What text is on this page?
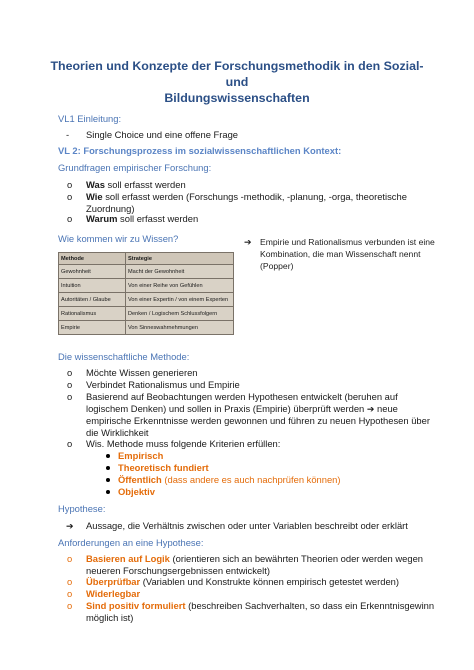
Theorien und Konzepte der Forschungsmethodik in den Sozial- und
Bildungswissenschaften
VL1 Einleitung:
- Single Choice und eine offene Frage
VL 2: Forschungsprozess im sozialwissenschaftlichen Kontext:
Grundfragen empirischer Forschung:
o Was soll erfasst werden
o Wie soll erfasst werden (Forschungs -methodik, -planung, -orga, theoretische
Zuordnung)
o Warum soll erfasst werden
Wie kommen wir zu Wissen?
Methode	Strategie
Gewohnheit	Macht der Gewohnheit
Intuition	Von einer Reihe von Gefühlen
Autoritäten / Glaube	Von einer Expertin / von einem Experten
Rationalismus	Denken / Logischem Schlussfolgern
Empirie	Von Sinneswahrnehmungen
➔ Empirie und Rationalismus verbunden ist eine
Kombination, die man Wissenschaft nennt
(Popper)
Die wissenschaftliche Methode:
o Möchte Wissen generieren
o Verbindet Rationalismus und Empirie
o Basierend auf Beobachtungen werden Hypothesen entwickelt (beruhen auf
logischem Denken) und sollen in Praxis (Empirie) überprüft werden ➔ neue
empirische Erkenntnisse werden gewonnen und führen zu neuen Hypothesen über
die Wirklichkeit
o Wis. Methode muss folgende Kriterien erfüllen:
Empirisch
Theoretisch fundiert
Öffentlich (dass andere es auch nachprüfen können)
Objektiv
Hypothese:
➔ Aussage, die Verhältnis zwischen oder unter Variablen beschreibt oder erklärt
Anforderungen an eine Hypothese:
o Basieren auf Logik (orientieren sich an bewährten Theorien oder werden wegen
neueren Forschungsergebnissen entwickelt)
o Überprüfbar (Variablen und Konstrukte können empirisch getestet werden)
o Widerlegbar
o Sind positiv formuliert (beschreiben Sachverhalten, so dass ein Erkenntnisgewinn
möglich ist)
